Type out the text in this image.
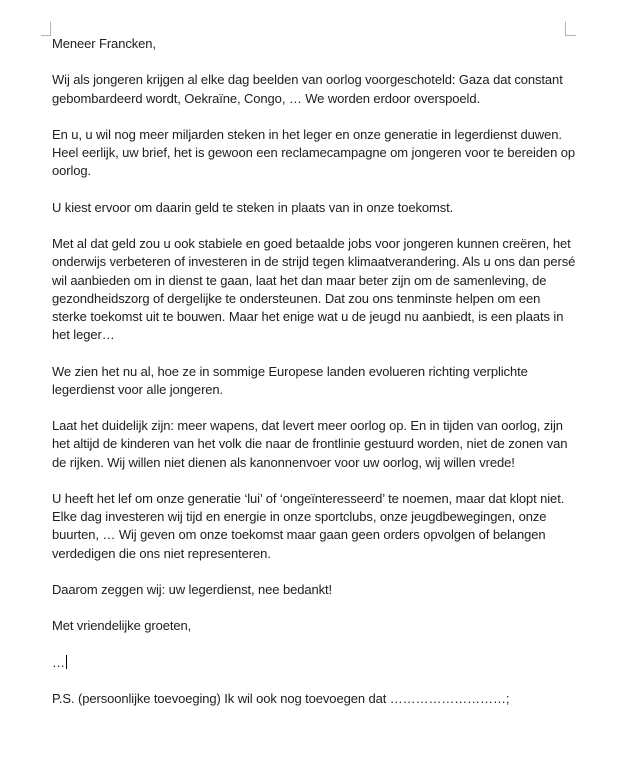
Meneer Francken,
Wij als jongeren krijgen al elke dag beelden van oorlog voorgeschoteld: Gaza dat constant
gebombardeerd wordt, Oekraïne, Congo, … We worden erdoor overspoeld.
En u, u wil nog meer miljarden steken in het leger en onze generatie in legerdienst duwen.
Heel eerlijk, uw brief, het is gewoon een reclamecampagne om jongeren voor te bereiden op
oorlog.
U kiest ervoor om daarin geld te steken in plaats van in onze toekomst.
Met al dat geld zou u ook stabiele en goed betaalde jobs voor jongeren kunnen creëren, het
onderwijs verbeteren of investeren in de strijd tegen klimaatverandering. Als u ons dan persé
wil aanbieden om in dienst te gaan, laat het dan maar beter zijn om de samenleving, de
gezondheidszorg of dergelijke te ondersteunen. Dat zou ons tenminste helpen om een
sterke toekomst uit te bouwen. Maar het enige wat u de jeugd nu aanbiedt, is een plaats in
het leger…
We zien het nu al, hoe ze in sommige Europese landen evolueren richting verplichte
legerdienst voor alle jongeren.
Laat het duidelijk zijn: meer wapens, dat levert meer oorlog op. En in tijden van oorlog, zijn
het altijd de kinderen van het volk die naar de frontlinie gestuurd worden, niet de zonen van
de rijken. Wij willen niet dienen als kanonnenvoer voor uw oorlog, wij willen vrede!
U heeft het lef om onze generatie ‘lui’ of ‘ongeïnteresseerd’ te noemen, maar dat klopt niet.
Elke dag investeren wij tijd en energie in onze sportclubs, onze jeugdbewegingen, onze
buurten, … Wij geven om onze toekomst maar gaan geen orders opvolgen of belangen
verdedigen die ons niet representeren.
Daarom zeggen wij: uw legerdienst, nee bedankt!
Met vriendelijke groeten,
…
P.S. (persoonlijke toevoeging) Ik wil ook nog toevoegen dat ………………………;
